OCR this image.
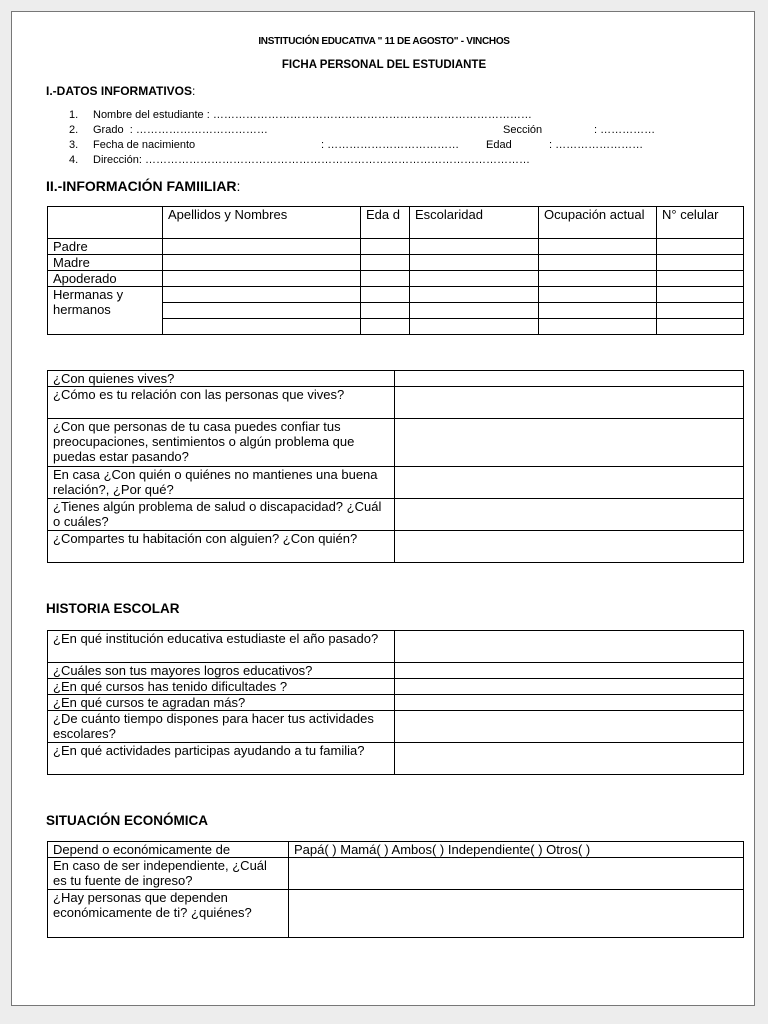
INSTITUCIÓN EDUCATIVA " 11 DE AGOSTO" - VINCHOS
FICHA PERSONAL DEL ESTUDIANTE
I.-DATOS INFORMATIVOS:
1. Nombre del estudiante : ……………………………………………………………………………
2. Grado : ………………………………	Sección	: ……………
3. Fecha de nacimiento	: ……………………………… Edad	: ……………………
4. Dirección: ……………………………………………………………………………………………
II.-INFORMACIÓN FAMIILIAR:
	Apellidos y Nombres	Eda d	Escolaridad	Ocupación actual	N° celular
Padre					
Madre					
Apoderado					
Hermanas y hermanos					

¿Con quienes vives?	
¿Cómo es tu relación con las personas que vives?	
¿Con que personas de tu casa puedes confiar tus preocupaciones, sentimientos o algún problema que puedas estar pasando?	
En casa ¿Con quién o quiénes no mantienes una buena relación?, ¿Por qué?	
¿Tienes algún problema de salud o discapacidad? ¿Cuál o cuáles?	
¿Compartes tu habitación con alguien? ¿Con quién?	
HISTORIA ESCOLAR
¿En qué institución educativa estudiaste el año pasado?	
¿Cuáles son tus mayores logros educativos?	
¿En qué cursos has tenido dificultades ?	
¿En qué cursos te agradan más?	
¿De cuánto tiempo dispones para hacer tus actividades escolares?	
¿En qué actividades participas ayudando a tu familia?	
SITUACIÓN ECONÓMICA
Depend o económicamente de	Papá( ) Mamá( ) Ambos( ) Independiente( ) Otros( )
En caso de ser independiente, ¿Cuál es tu fuente de ingreso?	
¿Hay personas que dependen económicamente de ti? ¿quiénes?	
